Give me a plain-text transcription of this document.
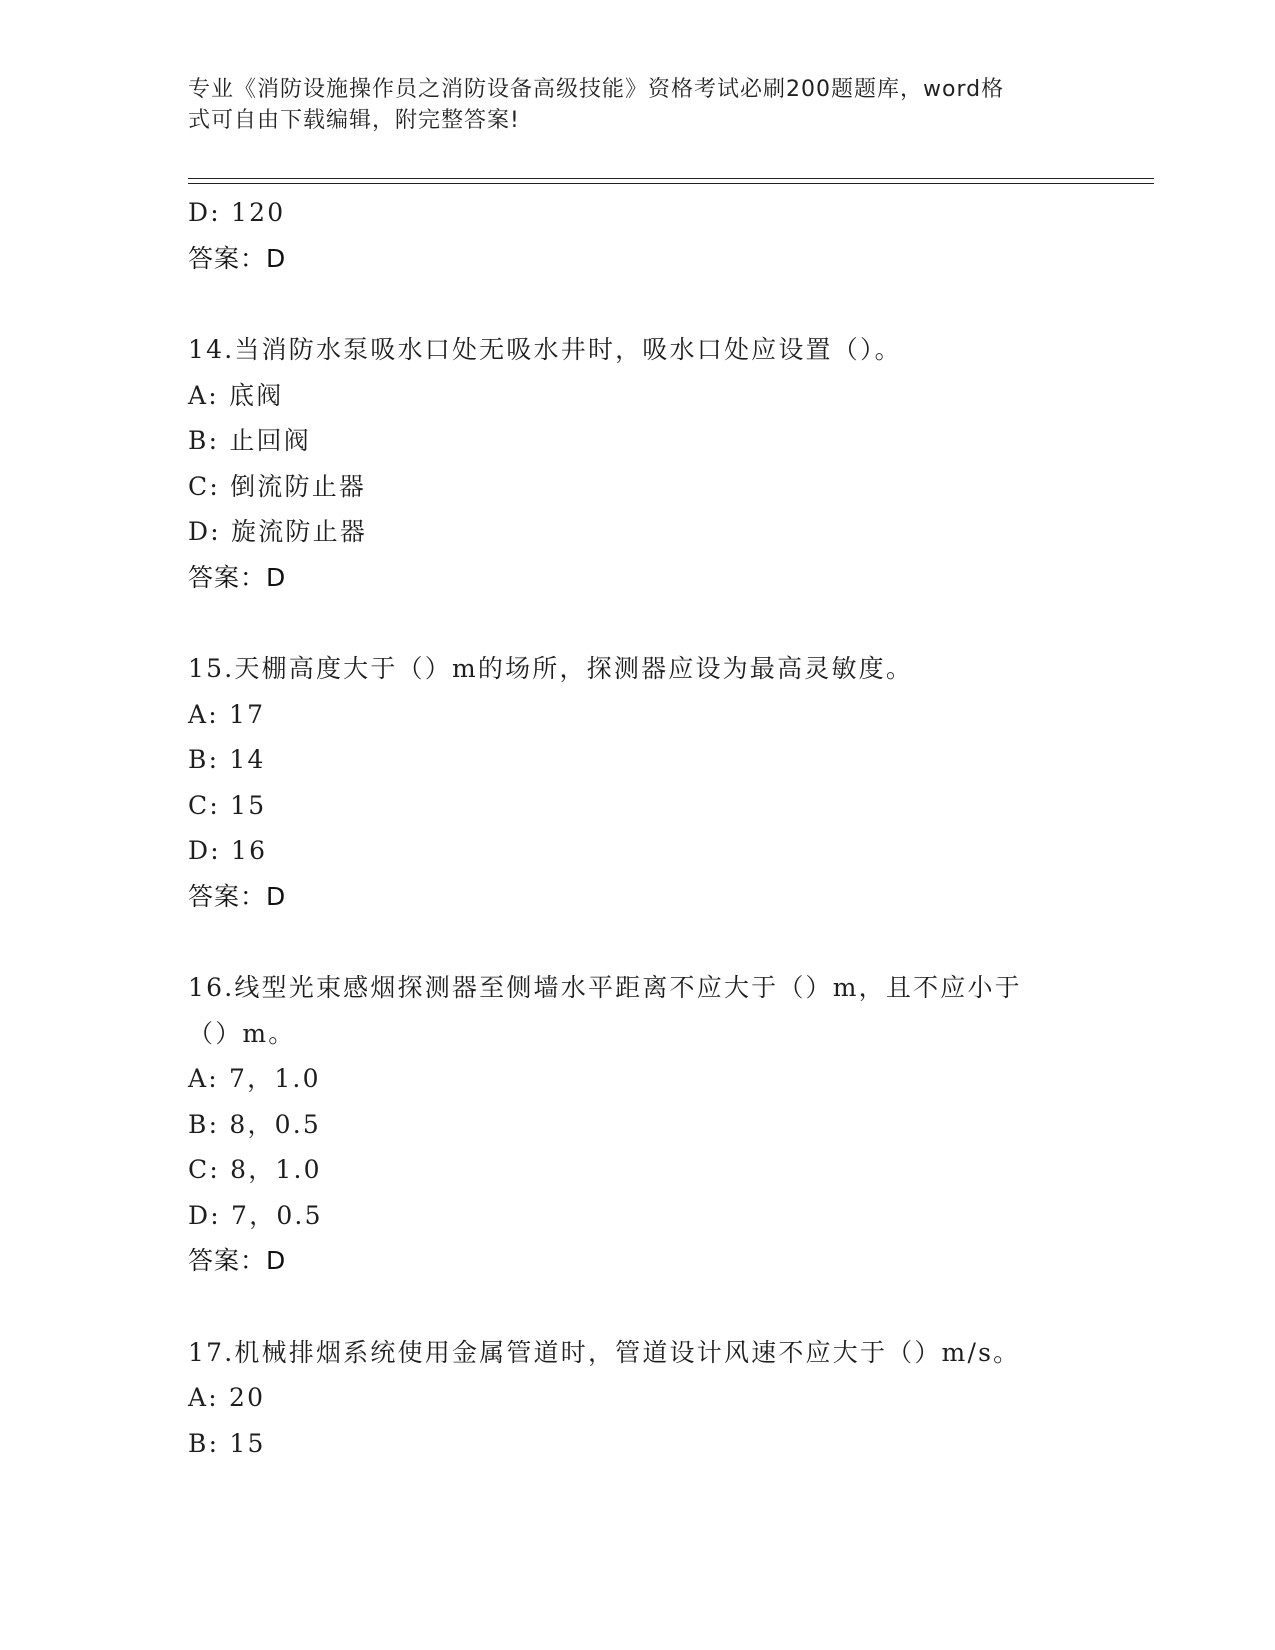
专业《消防设施操作员之消防设备高级技能》资格考试必刷200题题库，word格
式可自由下载编辑，附完整答案!
D: 120
答案：D
14.当消防水泵吸水口处无吸水井时，吸水口处应设置（）。
A: 底阀
B: 止回阀
C: 倒流防止器
D: 旋流防止器
答案：D
15.天棚高度大于（）m的场所，探测器应设为最高灵敏度。
A: 17
B: 14
C: 15
D: 16
答案：D
16.线型光束感烟探测器至侧墙水平距离不应大于（）m，且不应小于
（）m。
A: 7，1.0
B: 8，0.5
C: 8，1.0
D: 7，0.5
答案：D
17.机械排烟系统使用金属管道时，管道设计风速不应大于（）m/s。
A: 20
B: 15
